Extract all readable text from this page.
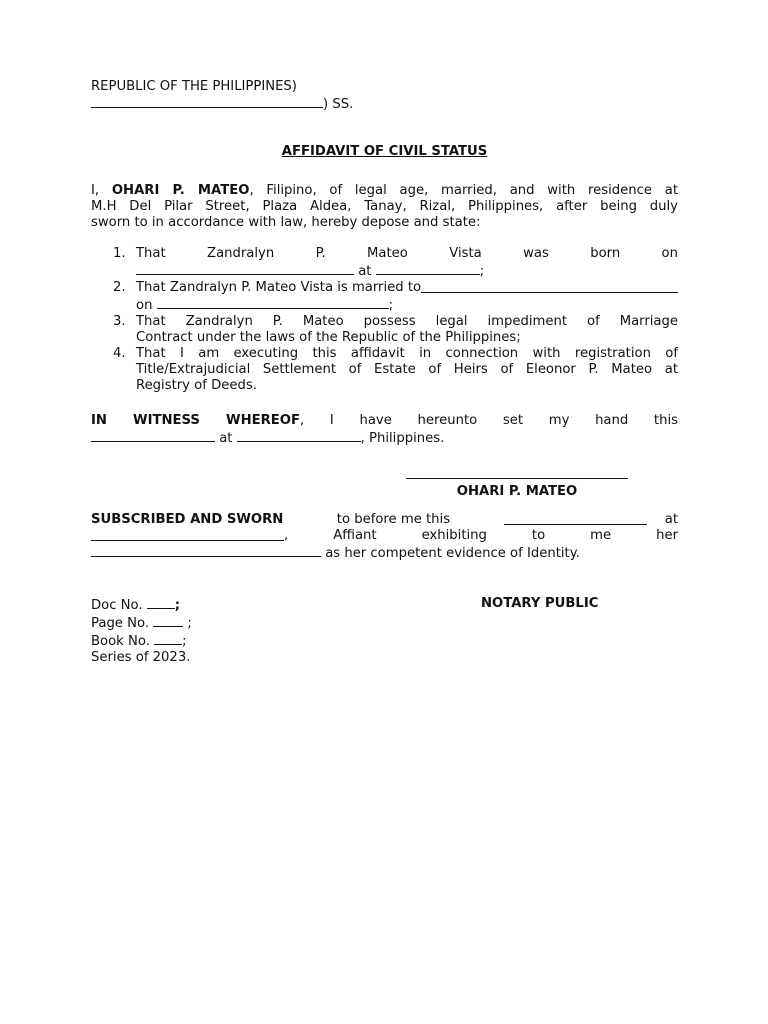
REPUBLIC OF THE PHILIPPINES)

) SS.

AFFIDAVIT OF CIVIL STATUS

I, OHARI P. MATEO, Filipino, of legal age, married, and with residence at

M.H Del Pilar Street, Plaza Aldea, Tanay, Rizal, Philippines, after being duly

sworn to in accordance with law, hereby depose and state:

1. That Zandralyn P. Mateo Vista was born on

at	;

2. That Zandralyn P. Mateo Vista is married to

on	;

3. That Zandralyn P. Mateo possess legal impediment of Marriage

Contract under the laws of the Republic of the Philippines;

4. That I am executing this affidavit in connection with registration of

Title/Extrajudicial Settlement of Estate of Heirs of Eleonor P. Mateo at

Registry of Deeds.

IN WITNESS WHEREOF, I have hereunto set my hand this

at	, Philippines.

OHARI P. MATEO

SUBSCRIBED AND SWORN	to before me this	at

, Affiant exhibiting to me her

as her competent evidence of Identity.

Doc No. ;

Page No.  ;

Book No. ;

Series of 2023.

NOTARY PUBLIC
